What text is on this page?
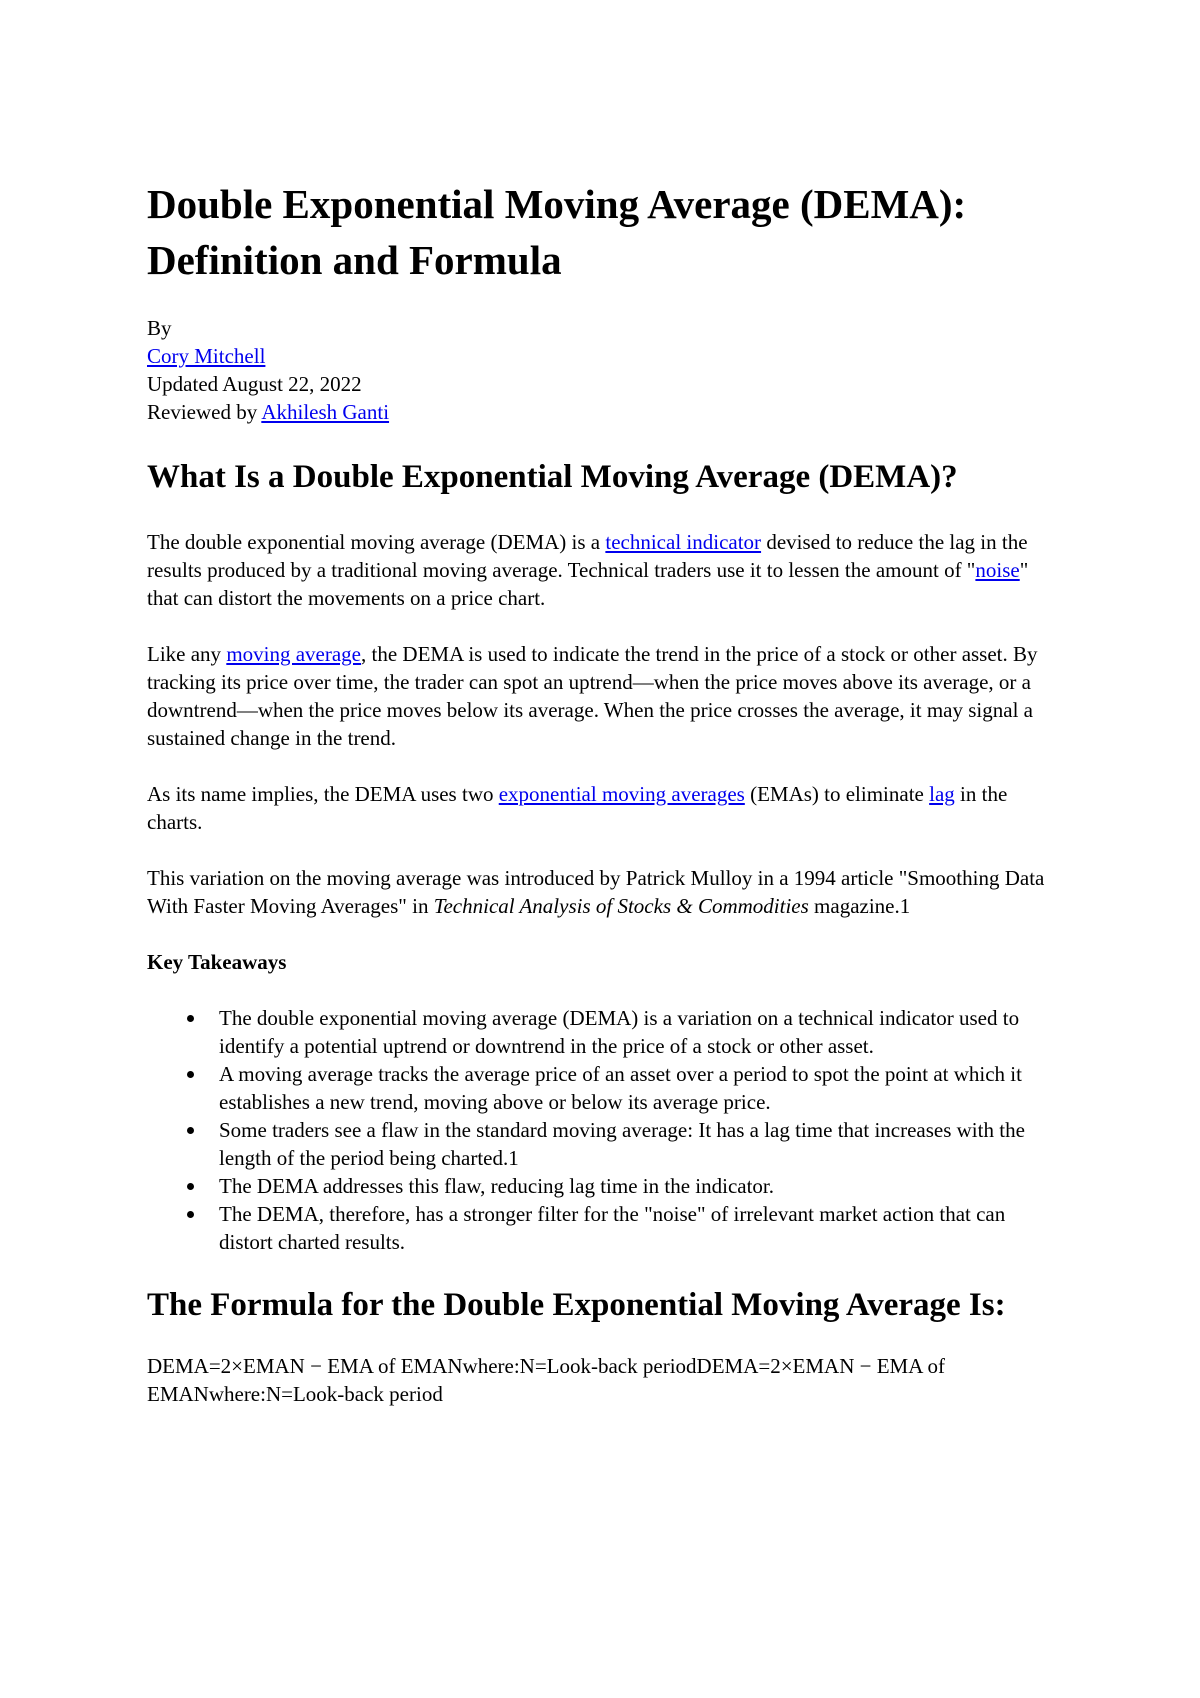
Double Exponential Moving Average (DEMA): Definition and Formula
By
Cory Mitchell
Updated August 22, 2022
Reviewed by Akhilesh Ganti
What Is a Double Exponential Moving Average (DEMA)?

The double exponential moving average (DEMA) is a technical indicator devised to reduce the lag in the results produced by a traditional moving average. Technical traders use it to lessen the amount of "noise" that can distort the movements on a price chart.

Like any moving average, the DEMA is used to indicate the trend in the price of a stock or other asset. By tracking its price over time, the trader can spot an uptrend—when the price moves above its average, or a downtrend—when the price moves below its average. When the price crosses the average, it may signal a sustained change in the trend.

As its name implies, the DEMA uses two exponential moving averages (EMAs) to eliminate lag in the charts.

This variation on the moving average was introduced by Patrick Mulloy in a 1994 article "Smoothing Data With Faster Moving Averages" in Technical Analysis of Stocks & Commodities magazine.1

Key Takeaways
The double exponential moving average (DEMA) is a variation on a technical indicator used to identify a potential uptrend or downtrend in the price of a stock or other asset.
A moving average tracks the average price of an asset over a period to spot the point at which it establishes a new trend, moving above or below its average price.
Some traders see a flaw in the standard moving average: It has a lag time that increases with the length of the period being charted.1
The DEMA addresses this flaw, reducing lag time in the indicator.
The DEMA, therefore, has a stronger filter for the "noise" of irrelevant market action that can distort charted results.
The Formula for the Double Exponential Moving Average Is:

DEMA=2×EMAN − EMA of EMANwhere:N=Look-back periodDEMA=2×EMAN − EMA of EMANwhere:N=Look-back period
